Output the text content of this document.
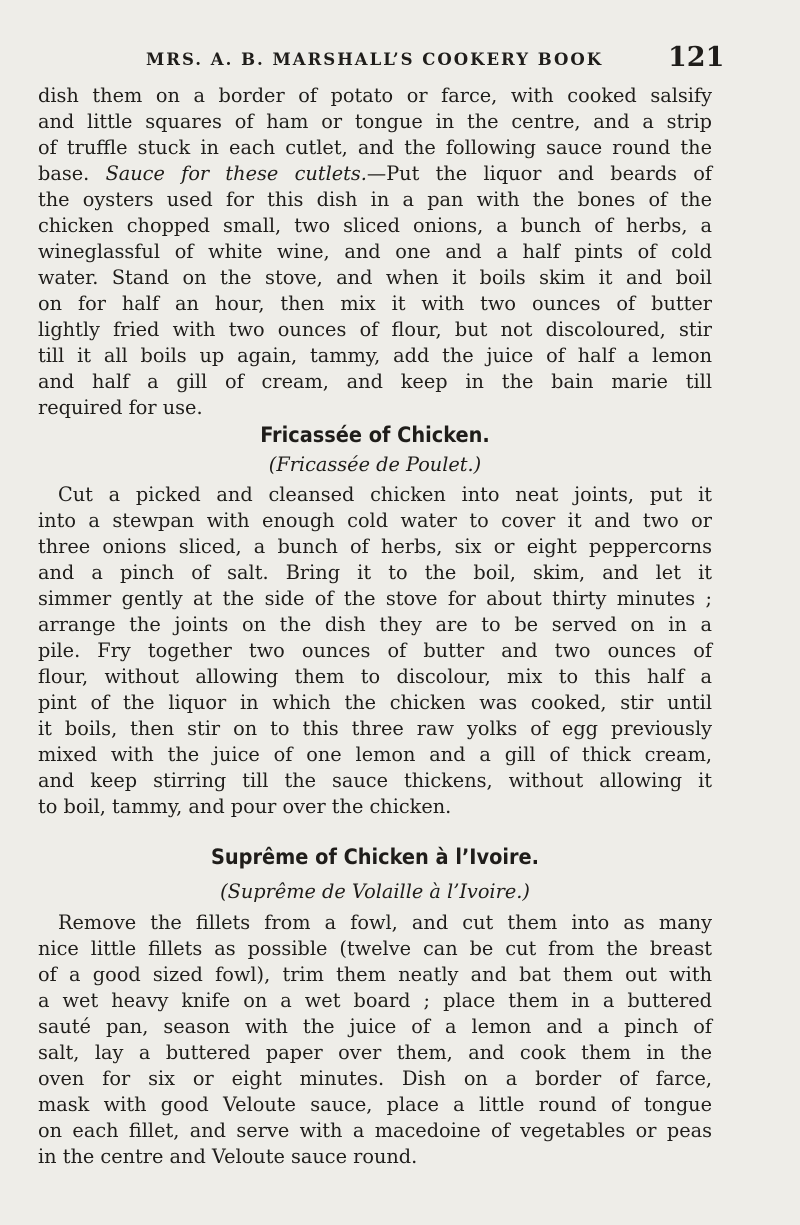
MRS. A. B. MARSHALL’S COOKERY BOOK 121
dish them on a border of potato or farce, with cooked salsify
and little squares of ham or tongue in the centre, and a strip
of truffle stuck in each cutlet, and the following sauce round the
base. Sauce for these cutlets.—Put the liquor and beards of
the oysters used for this dish in a pan with the bones of the
chicken chopped small, two sliced onions, a bunch of herbs, a
wineglassful of white wine, and one and a half pints of cold
water. Stand on the stove, and when it boils skim it and boil
on for half an hour, then mix it with two ounces of butter
lightly fried with two ounces of flour, but not discoloured, stir
till it all boils up again, tammy, add the juice of half a lemon
and half a gill of cream, and keep in the bain marie till
required for use.
Fricassée of Chicken.
(Fricassée de Poulet.)
Cut a picked and cleansed chicken into neat joints, put it
into a stewpan with enough cold water to cover it and two or
three onions sliced, a bunch of herbs, six or eight peppercorns
and a pinch of salt. Bring it to the boil, skim, and let it
simmer gently at the side of the stove for about thirty minutes ;
arrange the joints on the dish they are to be served on in a
pile. Fry together two ounces of butter and two ounces of
flour, without allowing them to discolour, mix to this half a
pint of the liquor in which the chicken was cooked, stir until
it boils, then stir on to this three raw yolks of egg previously
mixed with the juice of one lemon and a gill of thick cream,
and keep stirring till the sauce thickens, without allowing it
to boil, tammy, and pour over the chicken.
Suprême of Chicken à l’Ivoire.
(Suprême de Volaille à l’Ivoire.)
Remove the fillets from a fowl, and cut them into as many
nice little fillets as possible (twelve can be cut from the breast
of a good sized fowl), trim them neatly and bat them out with
a wet heavy knife on a wet board ; place them in a buttered
sauté pan, season with the juice of a lemon and a pinch of
salt, lay a buttered paper over them, and cook them in the
oven for six or eight minutes. Dish on a border of farce,
mask with good Veloute sauce, place a little round of tongue
on each fillet, and serve with a macedoine of vegetables or peas
in the centre and Veloute sauce round.
